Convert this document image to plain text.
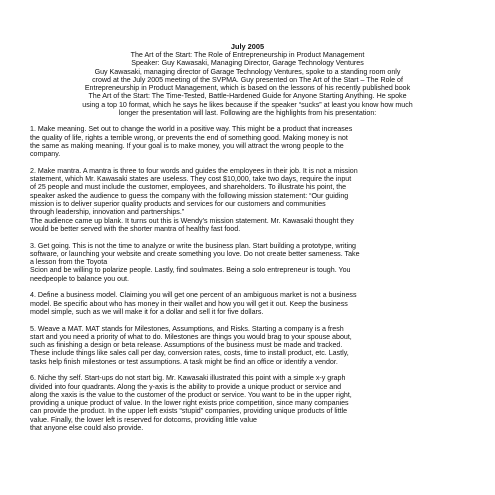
July 2005
The Art of the Start: The Role of Entrepreneurship in Product Management
Speaker: Guy Kawasaki, Managing Director, Garage Technology Ventures

Guy Kawasaki, managing director of Garage Technology Ventures, spoke to a standing room only
crowd at the July 2005 meeting of the SVPMA. Guy presented on The Art of the Start – The Role of
Entrepreneurship in Product Management, which is based on the lessons of his recently published book
The Art of the Start: The Time-Tested, Battle-Hardened Guide for Anyone Starting Anything. He spoke
using a top 10 format, which he says he likes because if the speaker “sucks” at least you know how much
longer the presentation will last. Following are the highlights from his presentation:

1. Make meaning. Set out to change the world in a positive way. This might be a product that increases
the quality of life, rights a terrible wrong, or prevents the end of something good. Making money is not
the same as making meaning. If your goal is to make money, you will attract the wrong people to the
company.
2. Make mantra. A mantra is three to four words and guides the employees in their job. It is not a mission
statement, which Mr. Kawasaki states are useless. They cost $10,000, take two days, require the input
of 25 people and must include the customer, employees, and shareholders. To illustrate his point, the
speaker asked the audience to guess the company with the following mission statement: “Our guiding
mission is to deliver superior quality products and services for our customers and communities
through leadership, innovation and partnerships.”
The audience came up blank. It turns out this is Wendy’s mission statement. Mr. Kawasaki thought they
would be better served with the shorter mantra of healthy fast food.
3. Get going. This is not the time to analyze or write the business plan. Start building a prototype, writing
software, or launching your website and create something you love. Do not create better sameness. Take
a lesson from the Toyota
Scion and be willing to polarize people. Lastly, find soulmates. Being a solo entrepreneur is tough. You
needpeople to balance you out.
4. Define a business model. Claiming you will get one percent of an ambiguous market is not a business
model. Be specific about who has money in their wallet and how you will get it out. Keep the business
model simple, such as we will make it for a dollar and sell it for five dollars.
5. Weave a MAT. MAT stands for Milestones, Assumptions, and Risks. Starting a company is a fresh
start and you need a priority of what to do. Milestones are things you would brag to your spouse about,
such as finishing a design or beta release. Assumptions of the business must be made and tracked.
These include things like sales call per day, conversion rates, costs, time to install product, etc. Lastly,
tasks help finish milestones or test assumptions. A task might be find an office or identify a vendor.
6. Niche thy self. Start-ups do not start big. Mr. Kawasaki illustrated this point with a simple x-y graph
divided into four quadrants. Along the y-axis is the ability to provide a unique product or service and
along the xaxis is the value to the customer of the product or service. You want to be in the upper right,
providing a unique product of value. In the lower right exists price competition, since many companies
can provide the product. In the upper left exists “stupid” companies, providing unique products of little
value. Finally, the lower left is reserved for dotcoms, providing little value
that anyone else could also provide.
